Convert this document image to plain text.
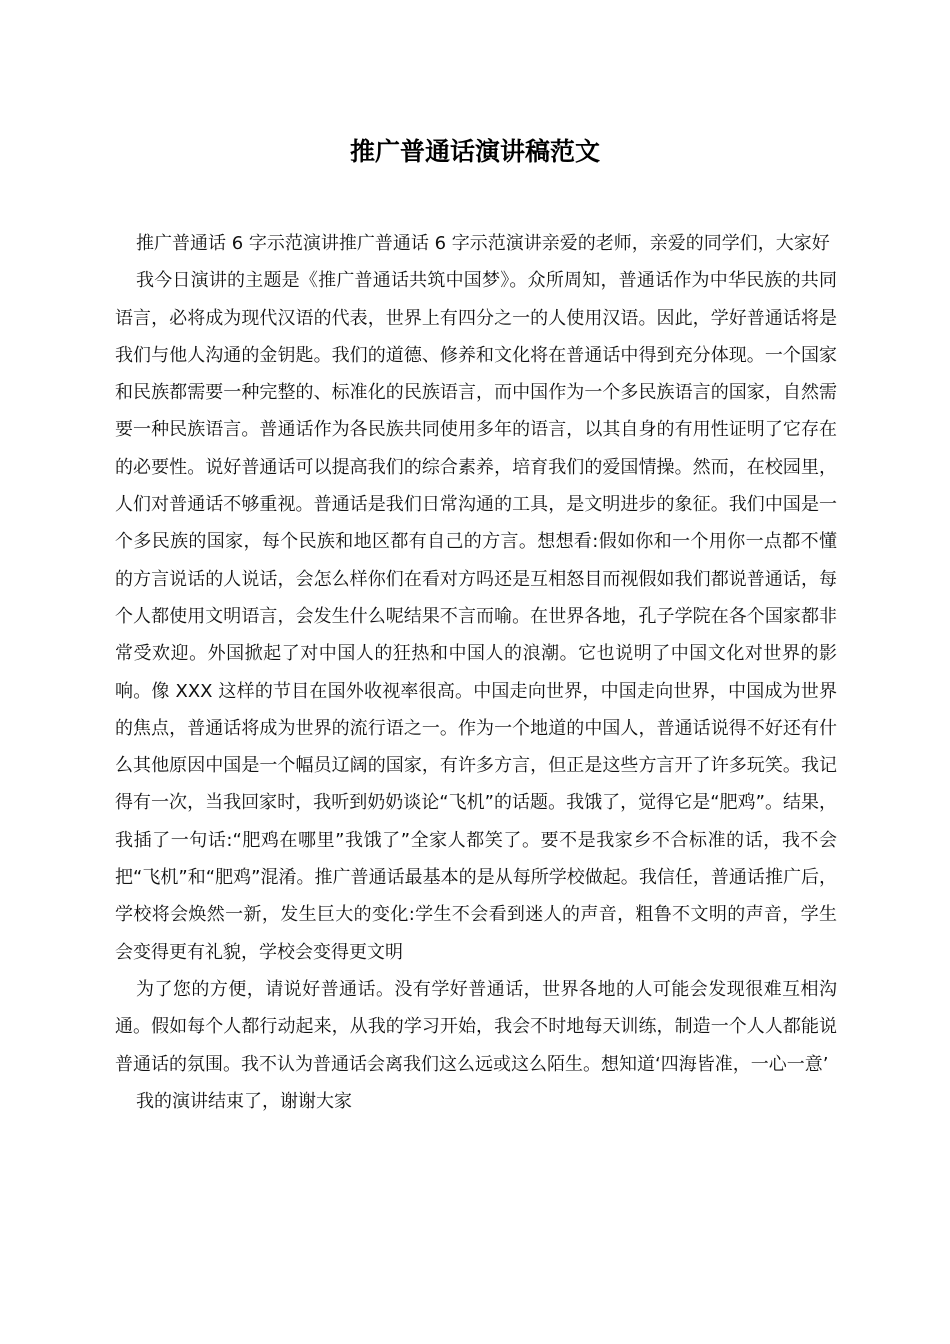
推广普通话演讲稿范文

推广普通话 6 字示范演讲推广普通话 6 字示范演讲亲爱的老师，亲爱的同学们，大家好

我今日演讲的主题是《推广普通话共筑中国梦》。众所周知，普通话作为中华民族的共同语言，必将成为现代汉语的代表，世界上有四分之一的人使用汉语。因此，学好普通话将是我们与他人沟通的金钥匙。我们的道德、修养和文化将在普通话中得到充分体现。一个国家和民族都需要一种完整的、标准化的民族语言，而中国作为一个多民族语言的国家，自然需要一种民族语言。普通话作为各民族共同使用多年的语言，以其自身的有用性证明了它存在的必要性。说好普通话可以提高我们的综合素养，培育我们的爱国情操。然而，在校园里，人们对普通话不够重视。普通话是我们日常沟通的工具，是文明进步的象征。我们中国是一个多民族的国家，每个民族和地区都有自己的方言。想想看:假如你和一个用你一点都不懂的方言说话的人说话，会怎么样你们在看对方吗还是互相怒目而视假如我们都说普通话，每个人都使用文明语言，会发生什么呢结果不言而喻。在世界各地，孔子学院在各个国家都非常受欢迎。外国掀起了对中国人的狂热和中国人的浪潮。它也说明了中国文化对世界的影响。像 XXX 这样的节目在国外收视率很高。中国走向世界，中国走向世界，中国成为世界的焦点，普通话将成为世界的流行语之一。作为一个地道的中国人，普通话说得不好还有什么其他原因中国是一个幅员辽阔的国家，有许多方言，但正是这些方言开了许多玩笑。我记得有一次，当我回家时，我听到奶奶谈论“飞机”的话题。我饿了，觉得它是“肥鸡”。结果，我插了一句话:“肥鸡在哪里”我饿了”全家人都笑了。要不是我家乡不合标准的话，我不会把“飞机”和“肥鸡”混淆。推广普通话最基本的是从每所学校做起。我信任，普通话推广后，学校将会焕然一新，发生巨大的变化:学生不会看到迷人的声音，粗鲁不文明的声音，学生会变得更有礼貌，学校会变得更文明

为了您的方便，请说好普通话。没有学好普通话，世界各地的人可能会发现很难互相沟通。假如每个人都行动起来，从我的学习开始，我会不时地每天训练，制造一个人人都能说普通话的氛围。我不认为普通话会离我们这么远或这么陌生。想知道‘四海皆准，一心一意’

我的演讲结束了，谢谢大家
